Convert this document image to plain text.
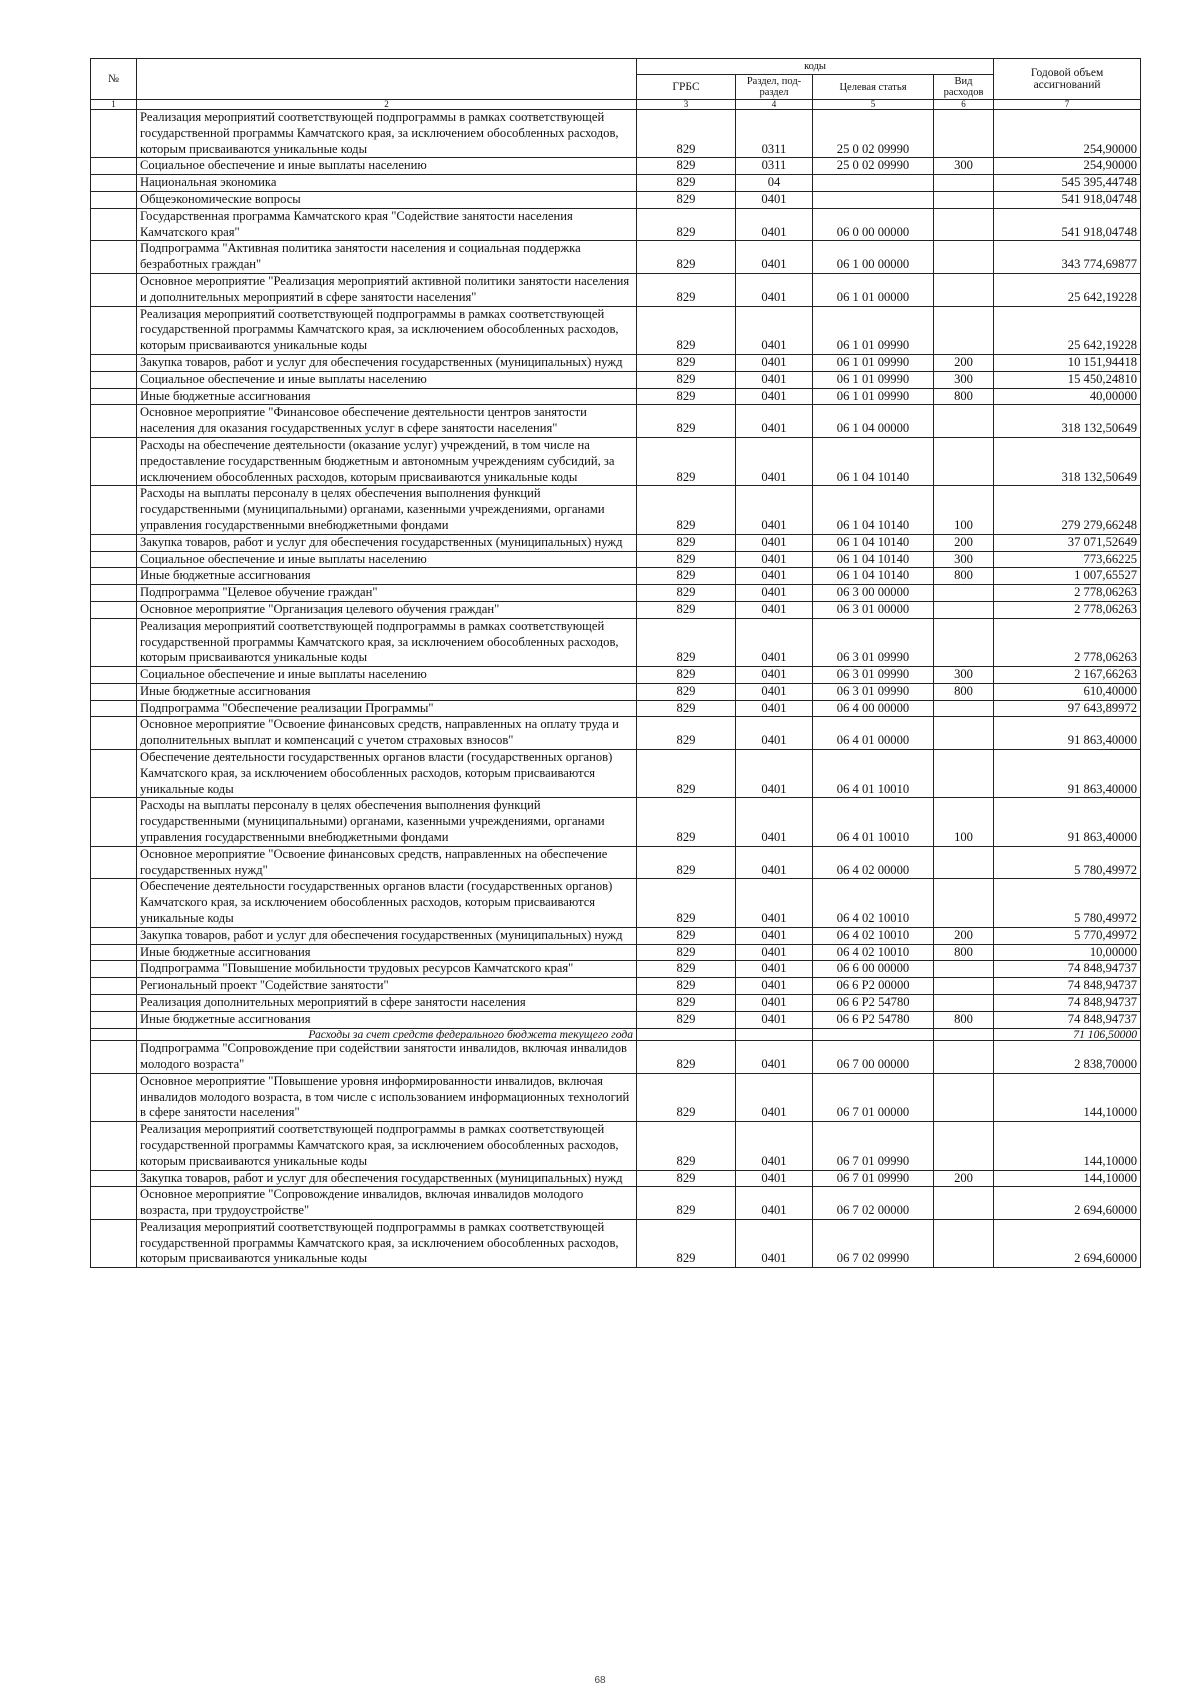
№		коды				Годовой объем ассигнований
		ГРБС	Раздел, под-раздел	Целевая статья	Вид расходов	
1	2	3	4	5	6	7
	Реализация мероприятий соответствующей подпрограммы в рамках соответствующей государственной программы Камчатского края, за исключением обособленных расходов, которым присваиваются уникальные коды	829	0311	25 0 02 09990		254,90000
	Социальное обеспечение и иные выплаты населению	829	0311	25 0 02 09990	300	254,90000
	Национальная экономика	829	04			545 395,44748
	Общеэкономические вопросы	829	0401			541 918,04748
	Государственная программа Камчатского края "Содействие занятости населения Камчатского края"	829	0401	06 0 00 00000		541 918,04748
	Подпрограмма "Активная политика занятости населения и социальная поддержка безработных граждан"	829	0401	06 1 00 00000		343 774,69877
	Основное мероприятие "Реализация мероприятий активной политики занятости населения и дополнительных мероприятий в сфере занятости населения"	829	0401	06 1 01 00000		25 642,19228
	Реализация мероприятий соответствующей подпрограммы в рамках соответствующей государственной программы Камчатского края, за исключением обособленных расходов, которым присваиваются уникальные коды	829	0401	06 1 01 09990		25 642,19228
	Закупка товаров, работ и услуг для обеспечения государственных (муниципальных) нужд	829	0401	06 1 01 09990	200	10 151,94418
	Социальное обеспечение и иные выплаты населению	829	0401	06 1 01 09990	300	15 450,24810
	Иные бюджетные ассигнования	829	0401	06 1 01 09990	800	40,00000
	Основное мероприятие "Финансовое обеспечение деятельности центров занятости населения для оказания государственных услуг в сфере занятости населения"	829	0401	06 1 04 00000		318 132,50649
	Расходы на обеспечение деятельности (оказание услуг) учреждений, в том числе на предоставление государственным бюджетным и автономным учреждениям субсидий, за исключением обособленных расходов, которым присваиваются уникальные коды	829	0401	06 1 04 10140		318 132,50649
	Расходы на выплаты персоналу в целях обеспечения выполнения функций государственными (муниципальными) органами, казенными учреждениями, органами управления государственными внебюджетными фондами	829	0401	06 1 04 10140	100	279 279,66248
	Закупка товаров, работ и услуг для обеспечения государственных (муниципальных) нужд	829	0401	06 1 04 10140	200	37 071,52649
	Социальное обеспечение и иные выплаты населению	829	0401	06 1 04 10140	300	773,66225
	Иные бюджетные ассигнования	829	0401	06 1 04 10140	800	1 007,65527
	Подпрограмма "Целевое обучение граждан"	829	0401	06 3 00 00000		2 778,06263
	Основное мероприятие "Организация целевого обучения граждан"	829	0401	06 3 01 00000		2 778,06263
	Реализация мероприятий соответствующей подпрограммы в рамках соответствующей государственной программы Камчатского края, за исключением обособленных расходов, которым присваиваются уникальные коды	829	0401	06 3 01 09990		2 778,06263
	Социальное обеспечение и иные выплаты населению	829	0401	06 3 01 09990	300	2 167,66263
	Иные бюджетные ассигнования	829	0401	06 3 01 09990	800	610,40000
	Подпрограмма "Обеспечение реализации Программы"	829	0401	06 4 00 00000		97 643,89972
	Основное мероприятие "Освоение финансовых средств, направленных на оплату труда и дополнительных выплат и компенсаций с учетом страховых взносов"	829	0401	06 4 01 00000		91 863,40000
	Обеспечение деятельности государственных органов власти (государственных органов) Камчатского края, за исключением обособленных расходов, которым присваиваются уникальные коды	829	0401	06 4 01 10010		91 863,40000
	Расходы на выплаты персоналу в целях обеспечения выполнения функций государственными (муниципальными) органами, казенными учреждениями, органами управления государственными внебюджетными фондами	829	0401	06 4 01 10010	100	91 863,40000
	Основное мероприятие "Освоение финансовых средств, направленных на обеспечение государственных нужд"	829	0401	06 4 02 00000		5 780,49972
	Обеспечение деятельности государственных органов власти (государственных органов) Камчатского края, за исключением обособленных расходов, которым присваиваются уникальные коды	829	0401	06 4 02 10010		5 780,49972
	Закупка товаров, работ и услуг для обеспечения государственных (муниципальных) нужд	829	0401	06 4 02 10010	200	5 770,49972
	Иные бюджетные ассигнования	829	0401	06 4 02 10010	800	10,00000
	Подпрограмма "Повышение мобильности трудовых ресурсов Камчатского края"	829	0401	06 6 00 00000		74 848,94737
	Региональный проект "Содействие занятости"	829	0401	06 6 P2 00000		74 848,94737
	Реализация дополнительных мероприятий в сфере занятости населения	829	0401	06 6 P2 54780		74 848,94737
	Иные бюджетные ассигнования	829	0401	06 6 P2 54780	800	74 848,94737
	Расходы за счет средств федерального бюджета текущего года					71 106,50000
	Подпрограмма "Сопровождение при содействии занятости инвалидов, включая инвалидов молодого возраста"	829	0401	06 7 00 00000		2 838,70000
	Основное мероприятие "Повышение уровня информированности инвалидов, включая инвалидов молодого возраста, в том числе с использованием информационных технологий в сфере занятости населения"	829	0401	06 7 01 00000		144,10000
	Реализация мероприятий соответствующей подпрограммы в рамках соответствующей государственной программы Камчатского края, за исключением обособленных расходов, которым присваиваются уникальные коды	829	0401	06 7 01 09990		144,10000
	Закупка товаров, работ и услуг для обеспечения государственных (муниципальных) нужд	829	0401	06 7 01 09990	200	144,10000
	Основное мероприятие "Сопровождение инвалидов, включая инвалидов молодого возраста, при трудоустройстве"	829	0401	06 7 02 00000		2 694,60000
	Реализация мероприятий соответствующей подпрограммы в рамках соответствующей государственной программы Камчатского края, за исключением обособленных расходов, которым присваиваются уникальные коды	829	0401	06 7 02 09990		2 694,60000
68
